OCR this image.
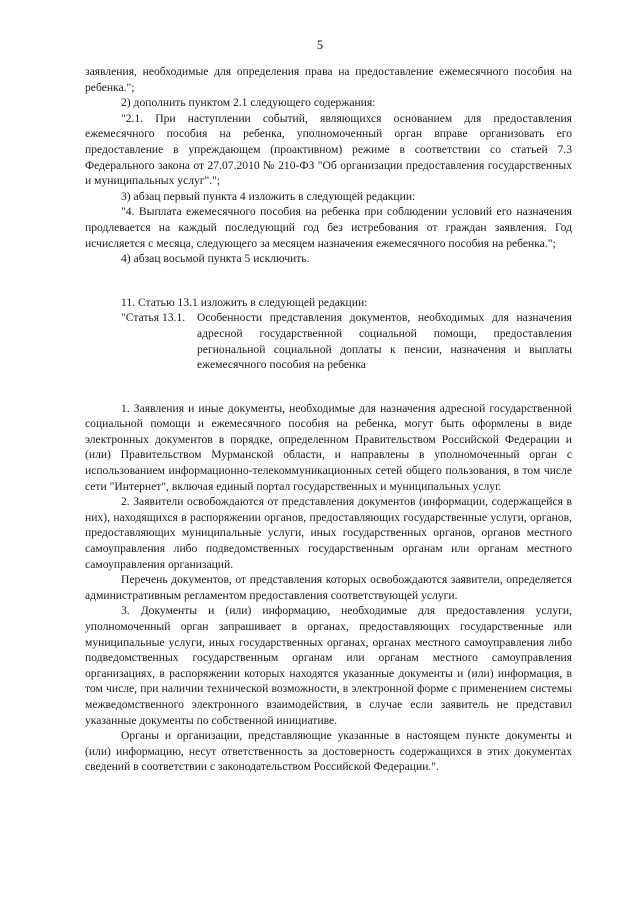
5

заявления, необходимые для определения права на предоставление ежемесячного пособия на ребенка.";

2) дополнить пунктом 2.1 следующего содержания:

"2.1. При наступлении событий, являющихся основанием для предоставления ежемесячного пособия на ребенка, уполномоченный орган вправе организовать его предоставление в упреждающем (проактивном) режиме в соответствии со статьей 7.3 Федерального закона от 27.07.2010 № 210-ФЗ "Об организации предоставления государственных и муниципальных услуг".";

3) абзац первый пункта 4 изложить в следующей редакции:

"4. Выплата ежемесячного пособия на ребенка при соблюдении условий его назначения продлевается на каждый последующий год без истребования от граждан заявления. Год исчисляется с месяца, следующего за месяцем назначения ежемесячного пособия на ребенка.";

4) абзац восьмой пункта 5 исключить.

11. Статью 13.1 изложить в следующей редакции:

"Статья 13.1.	Особенности представления документов, необходимых для назначения адресной государственной социальной помощи, предоставления региональной социальной доплаты к пенсии, назначения и выплаты ежемесячного пособия на ребенка

1. Заявления и иные документы, необходимые для назначения адресной государственной социальной помощи и ежемесячного пособия на ребенка, могут быть оформлены в виде электронных документов в порядке, определенном Правительством Российской Федерации и (или) Правительством Мурманской области, и направлены в уполномоченный орган с использованием информационно-телекоммуникационных сетей общего пользования, в том числе сети "Интернет", включая единый портал государственных и муниципальных услуг.

2. Заявители освобождаются от представления документов (информации, содержащейся в них), находящихся в распоряжении органов, предоставляющих государственные услуги, органов, предоставляющих муниципальные услуги, иных государственных органов, органов местного самоуправления либо подведомственных государственным органам или органам местного самоуправления организаций.

Перечень документов, от представления которых освобождаются заявители, определяется административным регламентом предоставления соответствующей услуги.

3. Документы и (или) информацию, необходимые для предоставления услуги, уполномоченный орган запрашивает в органах, предоставляющих государственные или муниципальные услуги, иных государственных органах, органах местного самоуправления либо подведомственных государственным органам или органам местного самоуправления организациях, в распоряжении которых находятся указанные документы и (или) информация, в том числе, при наличии технической возможности, в электронной форме с применением системы межведомственного электронного взаимодействия, в случае если заявитель не представил указанные документы по собственной инициативе.

Органы и организации, представляющие указанные в настоящем пункте документы и (или) информацию, несут ответственность за достоверность содержащихся в этих документах сведений в соответствии с законодательством Российской Федерации.".
